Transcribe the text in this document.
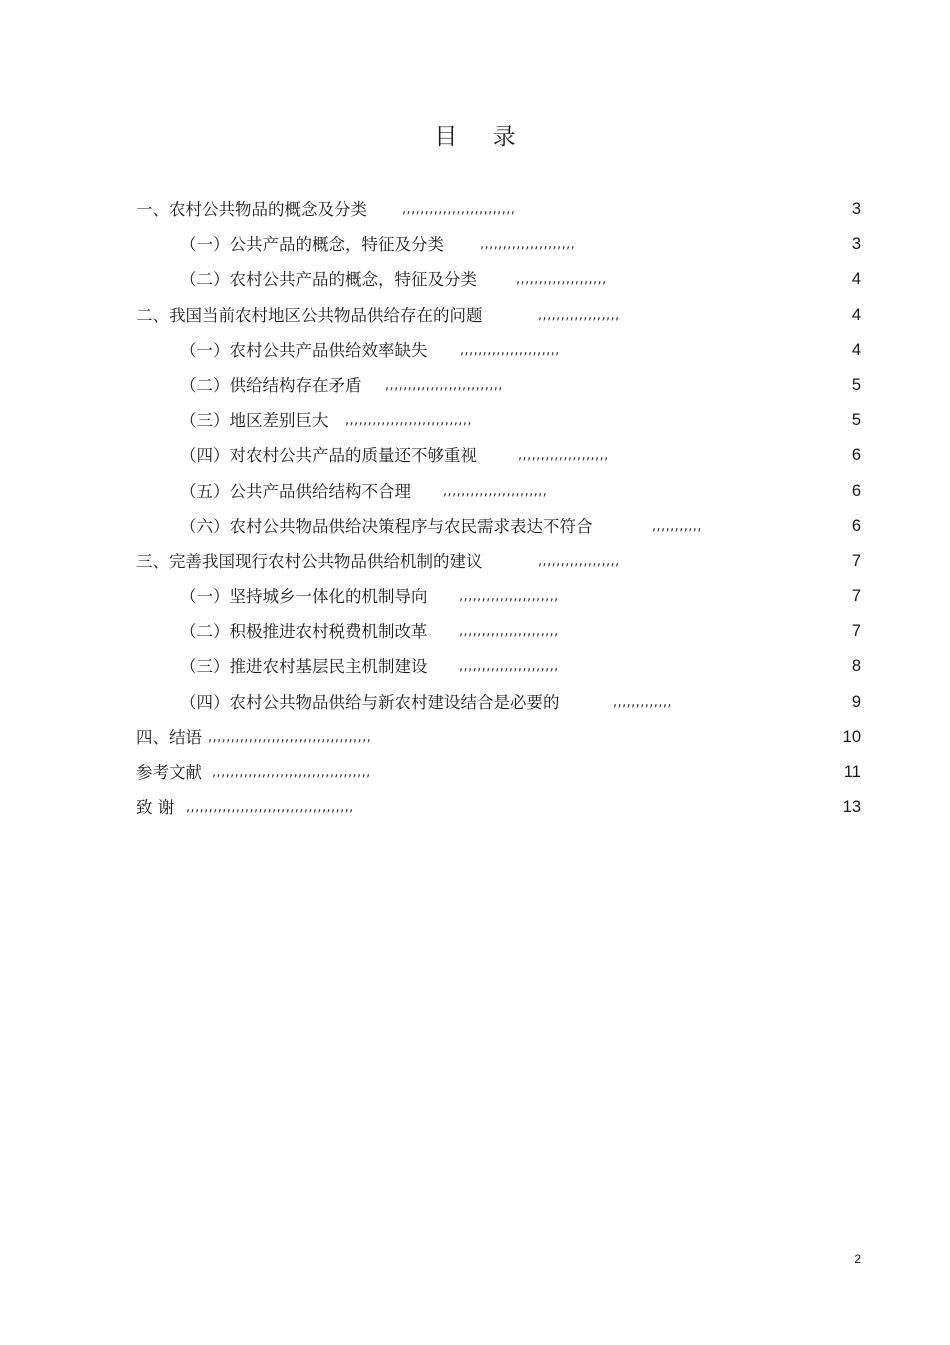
目 录
一、农村公共物品的概念及分类	,,,,,,,,,,,,,,,,,,,,,,,,,	3
（一）公共产品的概念，特征及分类	,,,,,,,,,,,,,,,,,,,,,	3
（二）农村公共产品的概念，特征及分类	,,,,,,,,,,,,,,,,,,,,	4
二、我国当前农村地区公共物品供给存在的问题	,,,,,,,,,,,,,,,,,,	4
（一）农村公共产品供给效率缺失	,,,,,,,,,,,,,,,,,,,,,,	4
（二）供给结构存在矛盾 ,,,,,,,,,,,,,,,,,,,,,,,,,,	5
（三）地区差别巨大 ,,,,,,,,,,,,,,,,,,,,,,,,,,,,	5
（四）对农村公共产品的质量还不够重视	,,,,,,,,,,,,,,,,,,,,	6
（五）公共产品供给结构不合理 ,,,,,,,,,,,,,,,,,,,,,,,	6
（六）农村公共物品供给决策程序与农民需求表达不符合	,,,,,,,,,,,	6
三、完善我国现行农村公共物品供给机制的建议	,,,,,,,,,,,,,,,,,,	7
（一）坚持城乡一体化的机制导向 ,,,,,,,,,,,,,,,,,,,,,,	7
（二）积极推进农村税费机制改革 ,,,,,,,,,,,,,,,,,,,,,,	7
（三）推进农村基层民主机制建设 ,,,,,,,,,,,,,,,,,,,,,,	8
（四）农村公共物品供给与新农村建设结合是必要的	,,,,,,,,,,,,,	9
四、结语 ,,,,,,,,,,,,,,,,,,,,,,,,,,,,,,,,,,,,	10
参考文献 ,,,,,,,,,,,,,,,,,,,,,,,,,,,,,,,,,,,	11
致 谢 ,,,,,,,,,,,,,,,,,,,,,,,,,,,,,,,,,,,,,	13
2
